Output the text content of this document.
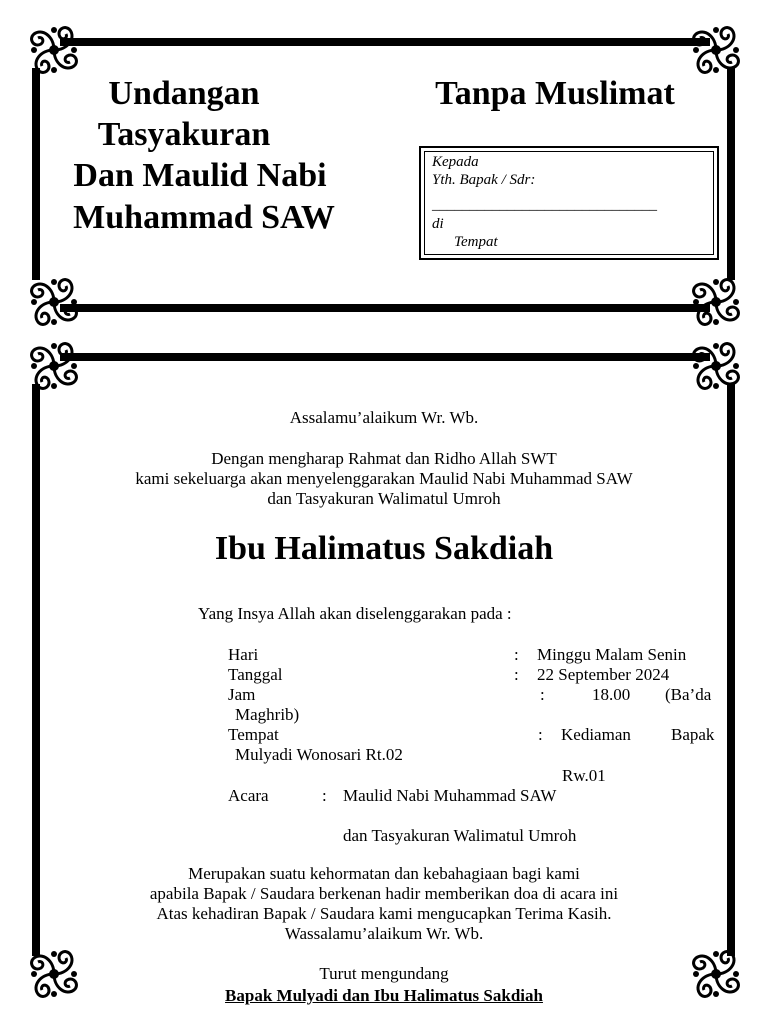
Undangan
Tasyakuran
Dan Maulid Nabi
Muhammad SAW
Tanpa Muslimat
Kepada
Yth. Bapak / Sdr:
______________________________
di
Tempat
Assalamu’alaikum Wr. Wb.
Dengan mengharap Rahmat dan Ridho Allah SWT
kami sekeluarga akan menyelenggarakan Maulid Nabi Muhammad SAW
dan Tasyakuran Walimatul Umroh
Ibu Halimatus Sakdiah
Yang Insya Allah akan diselenggarakan pada :
Hari	: Minggu Malam Senin
Tanggal	: 22 September 2024
Jam	:	18.00 (Ba’da
Maghrib)
Tempat	: Kediaman Bapak
Mulyadi Wonosari Rt.02
Rw.01
Acara	: Maulid Nabi Muhammad SAW
dan Tasyakuran Walimatul Umroh
Merupakan suatu kehormatan dan kebahagiaan bagi kami
apabila Bapak / Saudara berkenan hadir memberikan doa di acara ini
Atas kehadiran Bapak / Saudara kami mengucapkan Terima Kasih.
Wassalamu’alaikum Wr. Wb.
Turut mengundang
Bapak Mulyadi dan Ibu Halimatus Sakdiah
